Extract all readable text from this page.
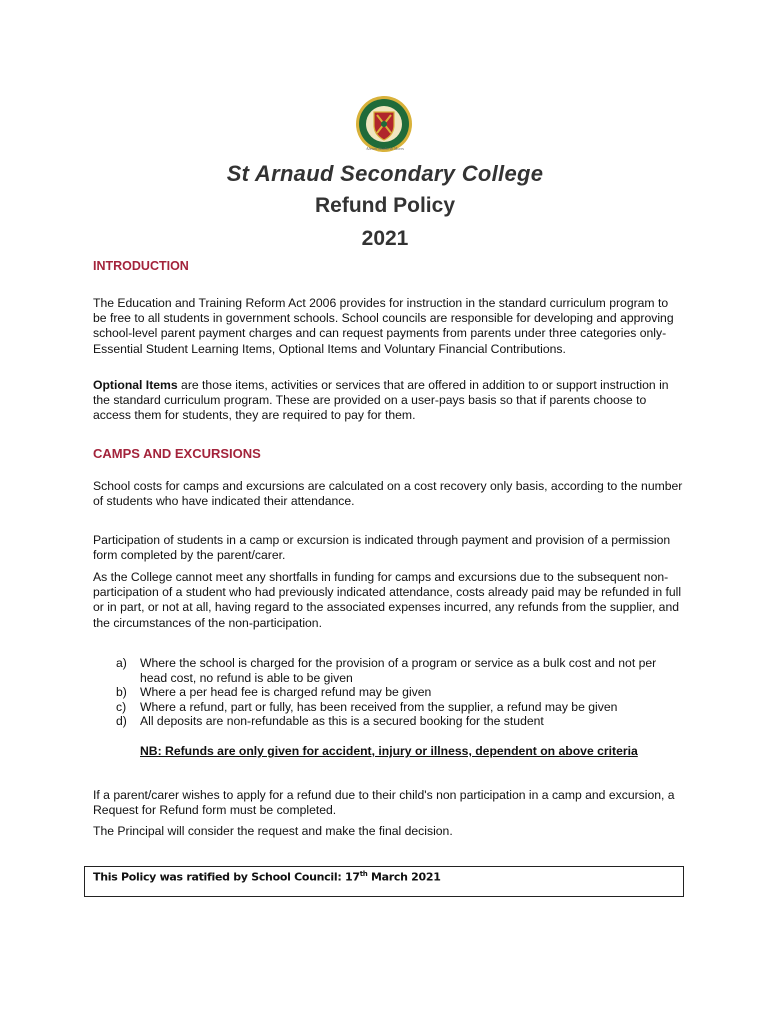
Abeunt Studia In Mores
St Arnaud Secondary College
Refund Policy
2021
INTRODUCTION
The Education and Training Reform Act 2006 provides for instruction in the standard curriculum program to be free to all students in government schools. School councils are responsible for developing and approving school-level parent payment charges and can request payments from parents under three categories only- Essential Student Learning Items, Optional Items and Voluntary Financial Contributions.
Optional Items are those items, activities or services that are offered in addition to or support instruction in the standard curriculum program. These are provided on a user-pays basis so that if parents choose to access them for students, they are required to pay for them.
CAMPS AND EXCURSIONS
School costs for camps and excursions are calculated on a cost recovery only basis, according to the number of students who have indicated their attendance.
Participation of students in a camp or excursion is indicated through payment and provision of a permission form completed by the parent/carer.
As the College cannot meet any shortfalls in funding for camps and excursions due to the subsequent non-participation of a student who had previously indicated attendance, costs already paid may be refunded in full or in part, or not at all, having regard to the associated expenses incurred, any refunds from the supplier, and the circumstances of the non-participation.
a) Where the school is charged for the provision of a program or service as a bulk cost and not per head cost, no refund is able to be given
b) Where a per head fee is charged refund may be given
c) Where a refund, part or fully, has been received from the supplier, a refund may be given
d) All deposits are non-refundable as this is a secured booking for the student
NB: Refunds are only given for accident, injury or illness, dependent on above criteria
If a parent/carer wishes to apply for a refund due to their child's non participation in a camp and excursion, a Request for Refund form must be completed.
The Principal will consider the request and make the final decision.
This Policy was ratified by School Council: 17th March 2021
